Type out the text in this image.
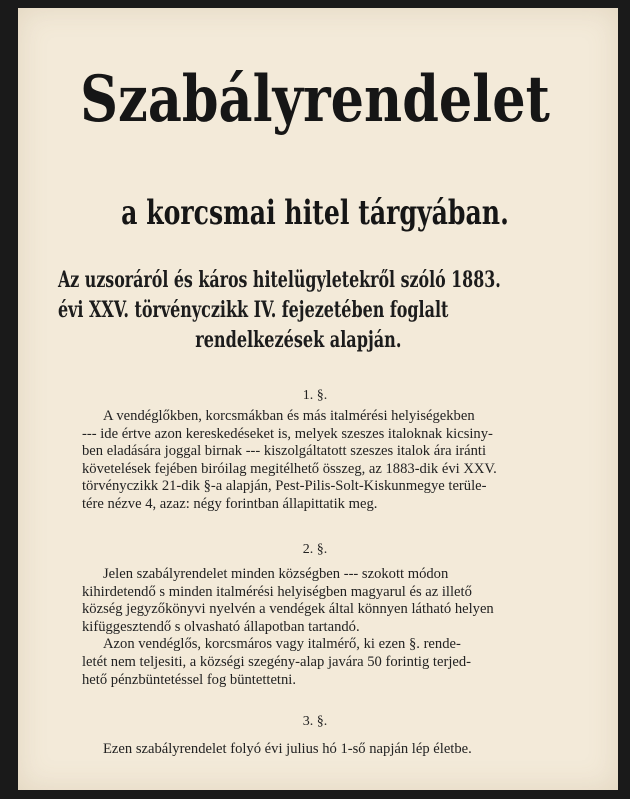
Szabályrendelet
a korcsmai hitel tárgyában.
Az uzsoráról és káros hitelügyletekről szóló 1883.
évi XXV. törvényczikk IV. fejezetében foglalt
rendelkezések alapján.
1. §.
A vendéglőkben, korcsmákban és más italmérési helyiségekben
--- ide értve azon kereskedéseket is, melyek szeszes italoknak kicsiny-
ben eladására joggal birnak --- kiszolgáltatott szeszes italok ára iránti
követelések fejében biróilag megitélhető összeg, az 1883-dik évi XXV.
törvényczikk 21-dik §-a alapján, Pest-Pilis-Solt-Kiskunmegye terüle-
tére nézve 4, azaz: négy forintban állapittatik meg.
2. §.
Jelen szabályrendelet minden községben --- szokott módon
kihirdetendő s minden italmérési helyiségben magyarul és az illető
község jegyzőkönyvi nyelvén a vendégek által könnyen látható helyen
kifüggesztendő s olvasható állapotban tartandó.
Azon vendéglős, korcsmáros vagy italmérő, ki ezen §. rende-
letét nem teljesiti, a községi szegény-alap javára 50 forintig terjed-
hető pénzbüntetéssel fog büntettetni.
3. §.
Ezen szabályrendelet folyó évi julius hó 1-ső napján lép életbe.
